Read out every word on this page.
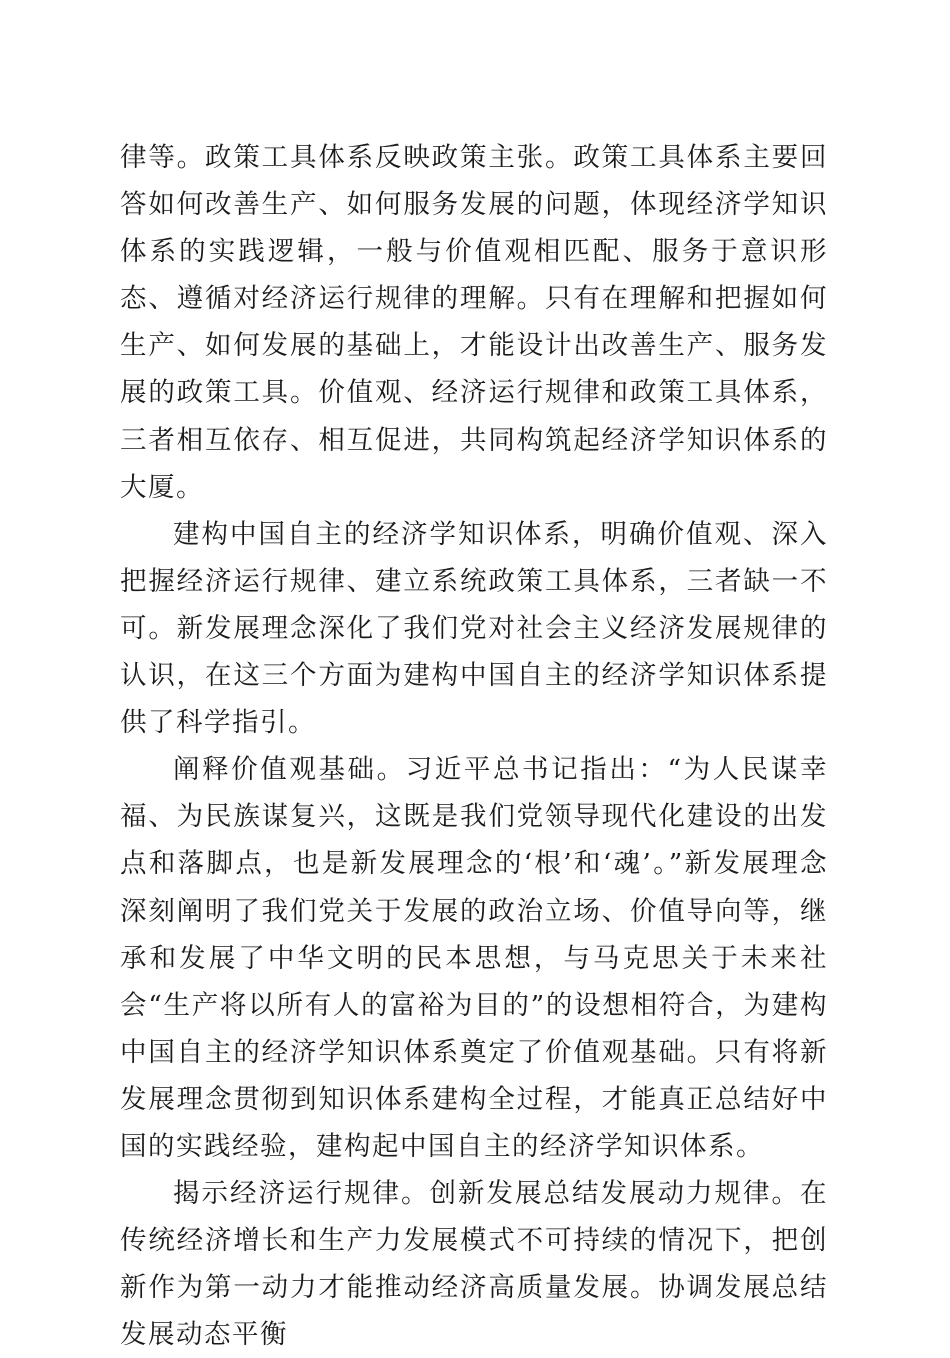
律等。政策工具体系反映政策主张。政策工具体系主要回答如何改善生产、如何服务发展的问题，体现经济学知识体系的实践逻辑，一般与价值观相匹配、服务于意识形态、遵循对经济运行规律的理解。只有在理解和把握如何生产、如何发展的基础上，才能设计出改善生产、服务发展的政策工具。价值观、经济运行规律和政策工具体系，三者相互依存、相互促进，共同构筑起经济学知识体系的大厦。

建构中国自主的经济学知识体系，明确价值观、深入把握经济运行规律、建立系统政策工具体系，三者缺一不可。新发展理念深化了我们党对社会主义经济发展规律的认识，在这三个方面为建构中国自主的经济学知识体系提供了科学指引。

阐释价值观基础。习近平总书记指出：“为人民谋幸福、为民族谋复兴，这既是我们党领导现代化建设的出发点和落脚点，也是新发展理念的‘根’和‘魂’。”新发展理念深刻阐明了我们党关于发展的政治立场、价值导向等，继承和发展了中华文明的民本思想，与马克思关于未来社会“生产将以所有人的富裕为目的”的设想相符合，为建构中国自主的经济学知识体系奠定了价值观基础。只有将新发展理念贯彻到知识体系建构全过程，才能真正总结好中国的实践经验，建构起中国自主的经济学知识体系。

揭示经济运行规律。创新发展总结发展动力规律。在传统经济增长和生产力发展模式不可持续的情况下，把创新作为第一动力才能推动经济高质量发展。协调发展总结发展动态平衡
